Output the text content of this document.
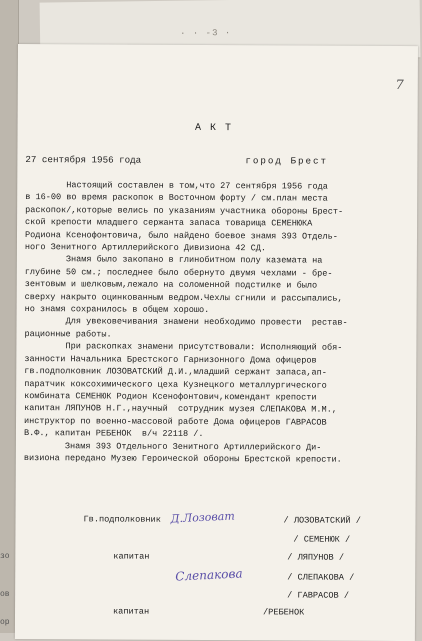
· · -3 ·
зо
ов
ор
7
АКТ
27 сентября 1956 года	город Брест
Настоящий составлен в том,что 27 сентября 1956 года
в 16-00 во время раскопок в Восточном форту / см.план места
раскопок/,которые велись по указаниям участника обороны Брест-
ской крепости младшего сержанта запаса товарища СЕМЕНЮКА
Родиона Ксенофонтовича, было найдено боевое знамя 393 Отдель-
ного Зенитного Артиллерийского Дивизиона 42 СД.
Знамя было закопано в глинобитном полу каземата на
глубине 50 см.; последнее было обернуто двумя чехлами - бре-
зентовым и шелковым,лежало на соломенной подстилке и было
сверху накрыто оцинкованным ведром.Чехлы сгнили и рассыпались,
но знамя сохранилось в общем хорошо.
Для увековечивания знамени необходимо провести  рестав-
рационные работы.
При раскопках знамени присутствовали: Исполняющий обя-
занности Начальника Брестского Гарнизонного Дома офицеров
гв.подполковник ЛОЗОВАТСКИЙ Д.И.,младший сержант запаса,ап-
паратчик коксохимического цеха Кузнецкого металлургического
комбината СЕМЕНЮК Родион Ксенофонтович,комендант крепости
капитан ЛЯПУНОВ Н.Г.,научный  сотрудник музея СЛЕПАКОВА М.М.,
инструктор по военно-массовой работе Дома офицеров ГАВРАСОВ
В.Ф., капитан РЕБЕНОК  в/ч 22118 /.
Знамя 393 Отдельного Зенитного Артиллерийского Ди-
визиона передано Музею Героической обороны Брестской крепости.
Гв.подполковник Д.Лозоват	/ ЛОЗОВАТСКИЙ /
/ СЕМЕНЮК /
капитан	/ ЛЯПУНОВ /
Слепакова	/ СЛЕПАКОВА /
/ ГАВРАСОВ /
капитан	/РЕБЕНОК
